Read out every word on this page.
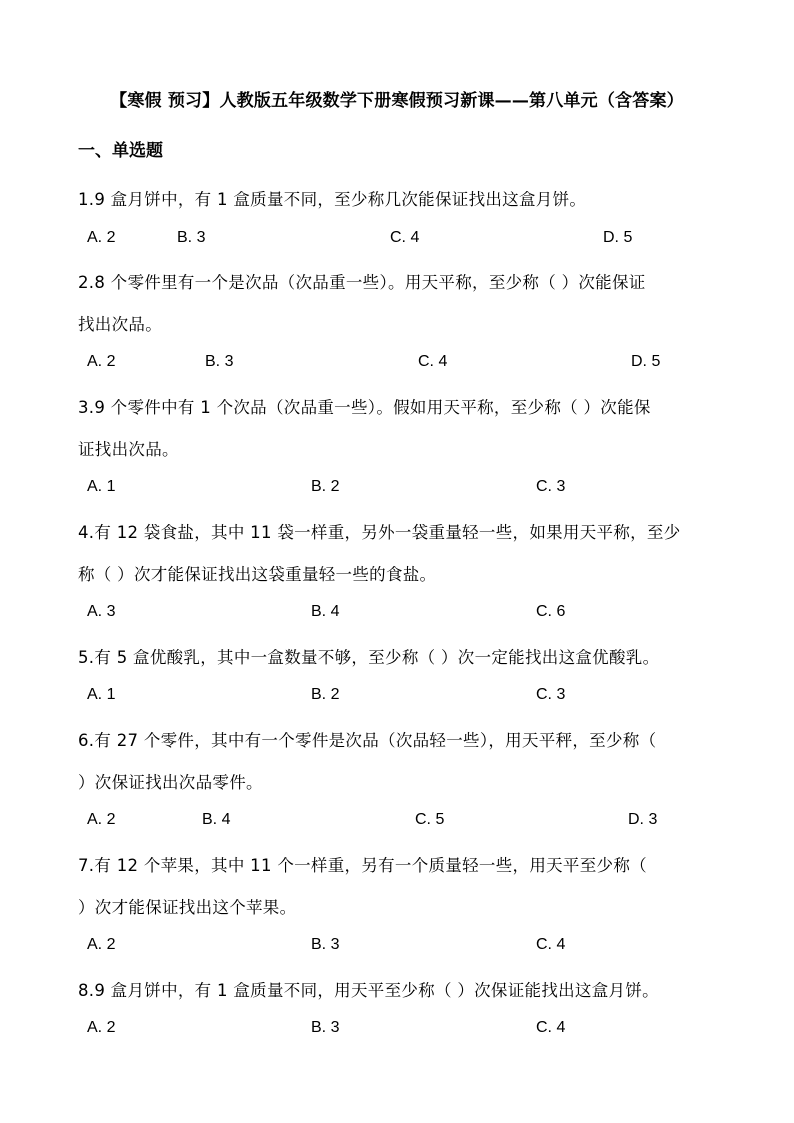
【寒假 预习】人教版五年级数学下册寒假预习新课——第八单元（含答案）
一、单选题
1.9 盒月饼中，有 1 盒质量不同，至少称几次能保证找出这盒月饼。
A. 2	B. 3	C. 4	D. 5
2.8 个零件里有一个是次品（次品重一些）。用天平称，至少称（ ）次能保证
找出次品。
A. 2	B. 3	C. 4	D. 5
3.9 个零件中有 1 个次品（次品重一些）。假如用天平称，至少称（ ）次能保
证找出次品。
A. 1	B. 2	C. 3
4.有 12 袋食盐，其中 11 袋一样重，另外一袋重量轻一些，如果用天平称，至少
称（ ）次才能保证找出这袋重量轻一些的食盐。
A. 3	B. 4	C. 6
5.有 5 盒优酸乳，其中一盒数量不够，至少称（ ）次一定能找出这盒优酸乳。
A. 1	B. 2	C. 3
6.有 27 个零件，其中有一个零件是次品（次品轻一些），用天平秤，至少称（
）次保证找出次品零件。
A. 2	B. 4	C. 5	D. 3
7.有 12 个苹果，其中 11 个一样重，另有一个质量轻一些，用天平至少称（
）次才能保证找出这个苹果。
A. 2	B. 3	C. 4
8.9 盒月饼中，有 1 盒质量不同，用天平至少称（ ）次保证能找出这盒月饼。
A. 2	B. 3	C. 4
